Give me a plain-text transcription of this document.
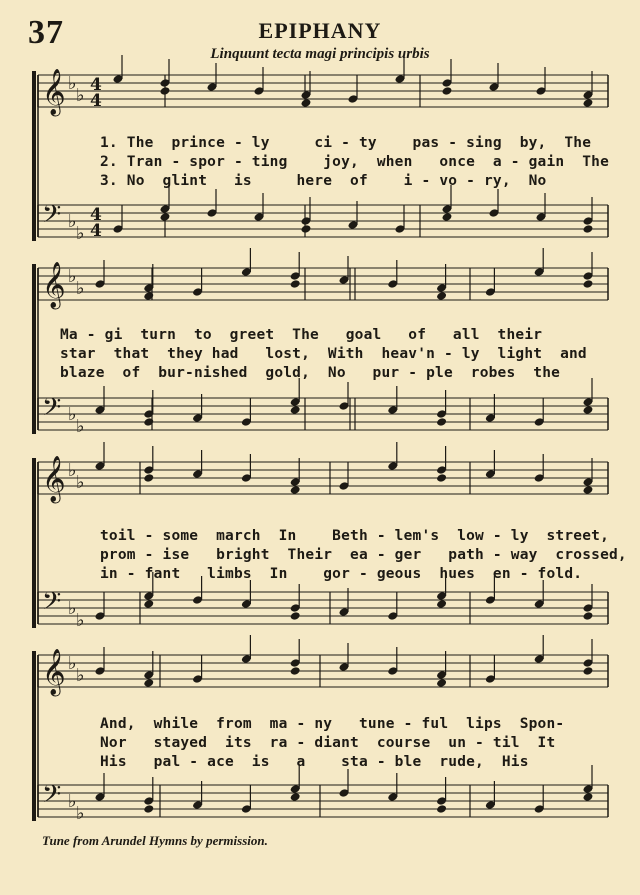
37	EPIPHANY
Linquunt tecta magi principis urbis
𝄞 ♭
♭ 4
4
𝄢 ♭
♭
4
4
𝄞 ♭
♭
𝄢 ♭
♭
𝄞 ♭
♭
𝄢 ♭
♭
𝄞 ♭
♭
𝄢 ♭
♭
1. The  prince - ly     ci - ty    pas - sing  by,  The
2. Tran - spor - ting    joy,  when   once  a - gain  The
3. No  glint   is     here  of    i - vo - ry,  No
Ma - gi  turn  to  greet  The   goal   of   all  their
star  that  they had   lost,  With  heav'n - ly  light  and
blaze  of  bur-nished  gold,  No   pur - ple  robes  the
toil - some  march  In    Beth - lem's  low - ly  street,
prom - ise   bright  Their  ea - ger   path - way  crossed,
in - fant   limbs  In    gor - geous  hues  en - fold.
And,  while  from  ma - ny   tune - ful  lips  Spon-
Nor   stayed  its  ra - diant  course  un - til  It
His   pal - ace  is   a    sta - ble  rude,  His
Tune from Arundel Hymns by permission.
